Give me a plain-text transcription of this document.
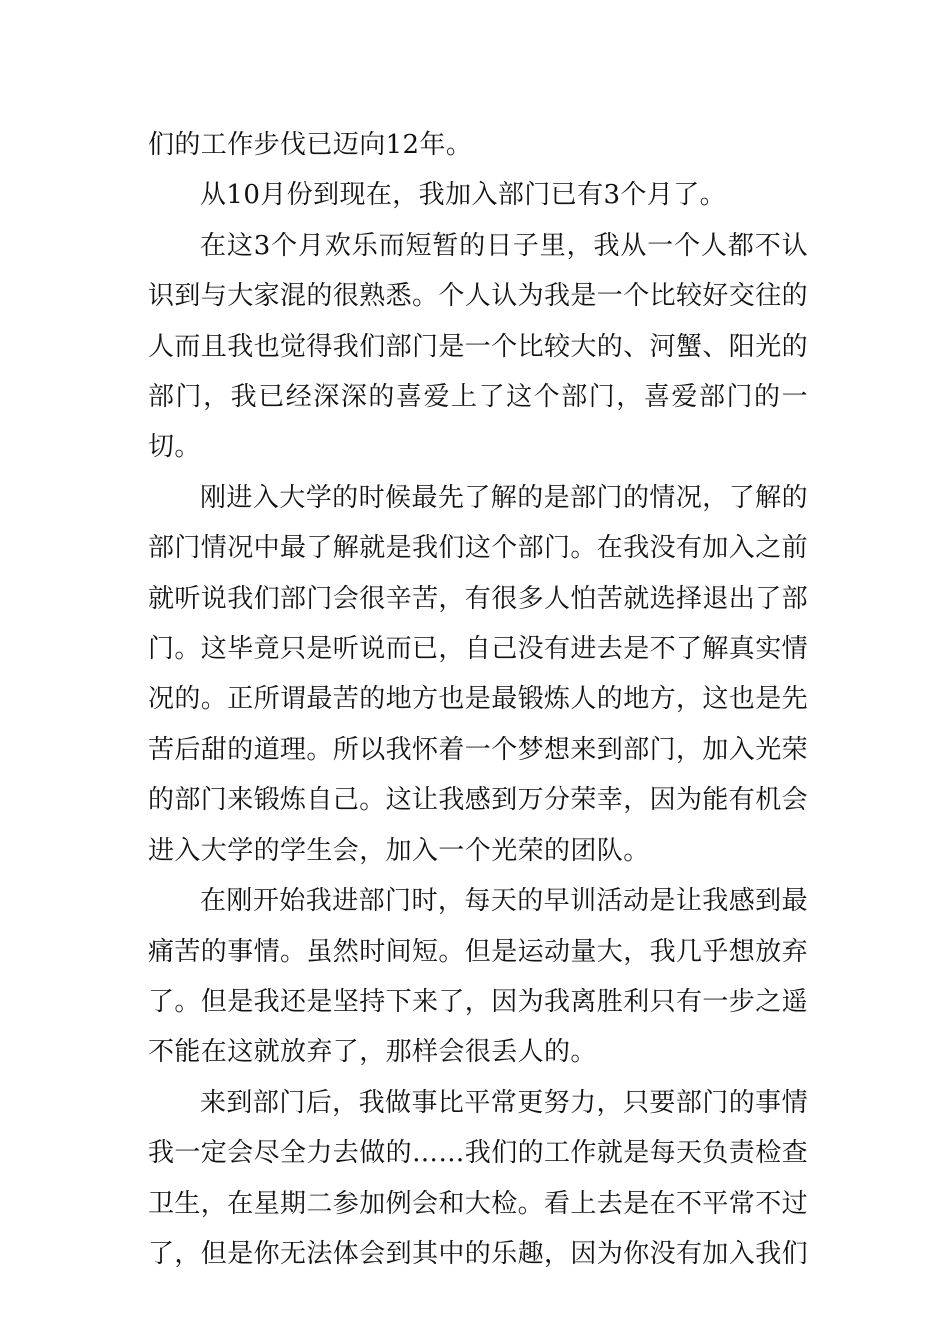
们的工作步伐已迈向12年。

从10月份到现在，我加入部门已有3个月了。

在这3个月欢乐而短暂的日子里，我从一个人都不认识到与大家混的很熟悉。个人认为我是一个比较好交往的人而且我也觉得我们部门是一个比较大的、河蟹、阳光的部门，我已经深深的喜爱上了这个部门，喜爱部门的一切。

刚进入大学的时候最先了解的是部门的情况，了解的部门情况中最了解就是我们这个部门。在我没有加入之前就听说我们部门会很辛苦，有很多人怕苦就选择退出了部门。这毕竟只是听说而已，自己没有进去是不了解真实情况的。正所谓最苦的地方也是最锻炼人的地方，这也是先苦后甜的道理。所以我怀着一个梦想来到部门，加入光荣的部门来锻炼自己。这让我感到万分荣幸，因为能有机会进入大学的学生会，加入一个光荣的团队。

在刚开始我进部门时，每天的早训活动是让我感到最痛苦的事情。虽然时间短。但是运动量大，我几乎想放弃了。但是我还是坚持下来了，因为我离胜利只有一步之遥不能在这就放弃了，那样会很丢人的。

来到部门后，我做事比平常更努力，只要部门的事情我一定会尽全力去做的……我们的工作就是每天负责检查卫生，在星期二参加例会和大检。看上去是在不平常不过了，但是你无法体会到其中的乐趣，因为你没有加入我们
